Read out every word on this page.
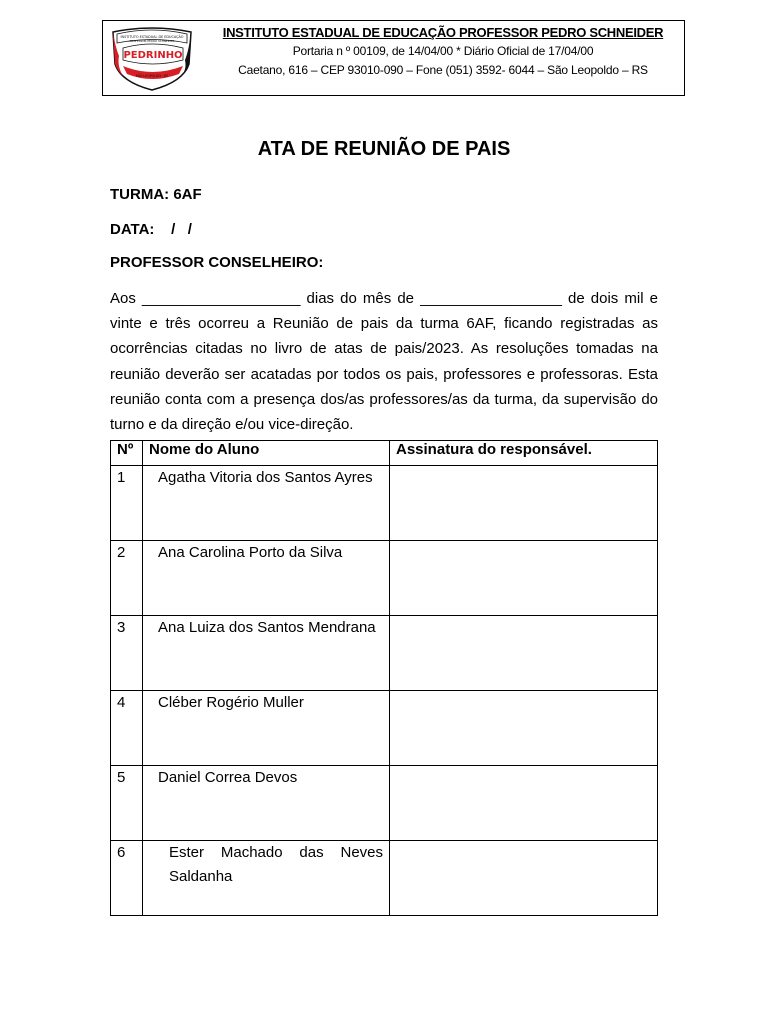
INSTITUTO ESTADUAL DE EDUCAÇÃO
PROFESSOR PEDRO SCHNEIDER
PEDRINHO
SÃO LEOPOLDO - RS
INSTITUTO ESTADUAL DE EDUCAÇÃO PROFESSOR PEDRO SCHNEIDER
Portaria n º 00109, de 14/04/00 * Diário Oficial de 17/04/00
Caetano, 616 – CEP 93010-090 – Fone (051) 3592- 6044 – São Leopoldo – RS
ATA DE REUNIÃO DE PAIS
TURMA: 6AF
DATA:    /   /
PROFESSOR CONSELHEIRO:

Aos ___________________ dias do mês de _________________ de dois mil e vinte e três ocorreu a Reunião de pais da turma 6AF, ficando registradas as ocorrências citadas no livro de atas de pais/2023. As resoluções tomadas na reunião deverão ser acatadas por todos os pais, professores e professoras. Esta reunião conta com a presença dos/as professores/as da turma, da supervisão do turno e da direção e/ou vice-direção.

Nº	Nome do Aluno	Assinatura do responsável.
1	Agatha Vitoria dos Santos Ayres	
2	Ana Carolina Porto da Silva	
3	Ana Luiza dos Santos Mendrana	
4	Cléber Rogério Muller	
5	Daniel Correa Devos	
6	Ester Machado das Neves Saldanha	
